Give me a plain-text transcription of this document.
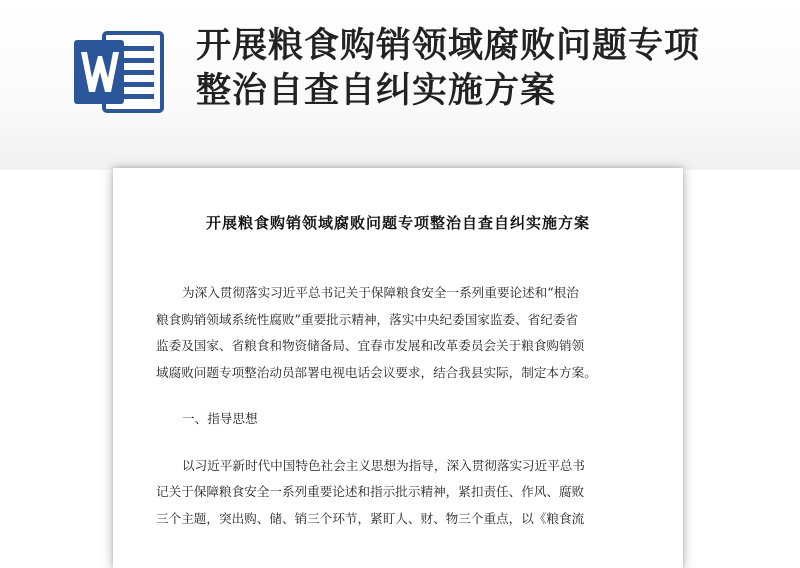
开展粮食购销领域腐败问题专项
整治自查自纠实施方案
开展粮食购销领域腐败问题专项整治自查自纠实施方案
为深入贯彻落实习近平总书记关于保障粮食安全一系列重要论述和“根治
粮食购销领域系统性腐败”重要批示精神，落实中央纪委国家监委、省纪委省
监委及国家、省粮食和物资储备局、宜春市发展和改革委员会关于粮食购销领
域腐败问题专项整治动员部署电视电话会议要求，结合我县实际，制定本方案。
一、指导思想
以习近平新时代中国特色社会主义思想为指导，深入贯彻落实习近平总书
记关于保障粮食安全一系列重要论述和指示批示精神，紧扣责任、作风、腐败
三个主题，突出购、储、销三个环节，紧盯人、财、物三个重点，以《粮食流
